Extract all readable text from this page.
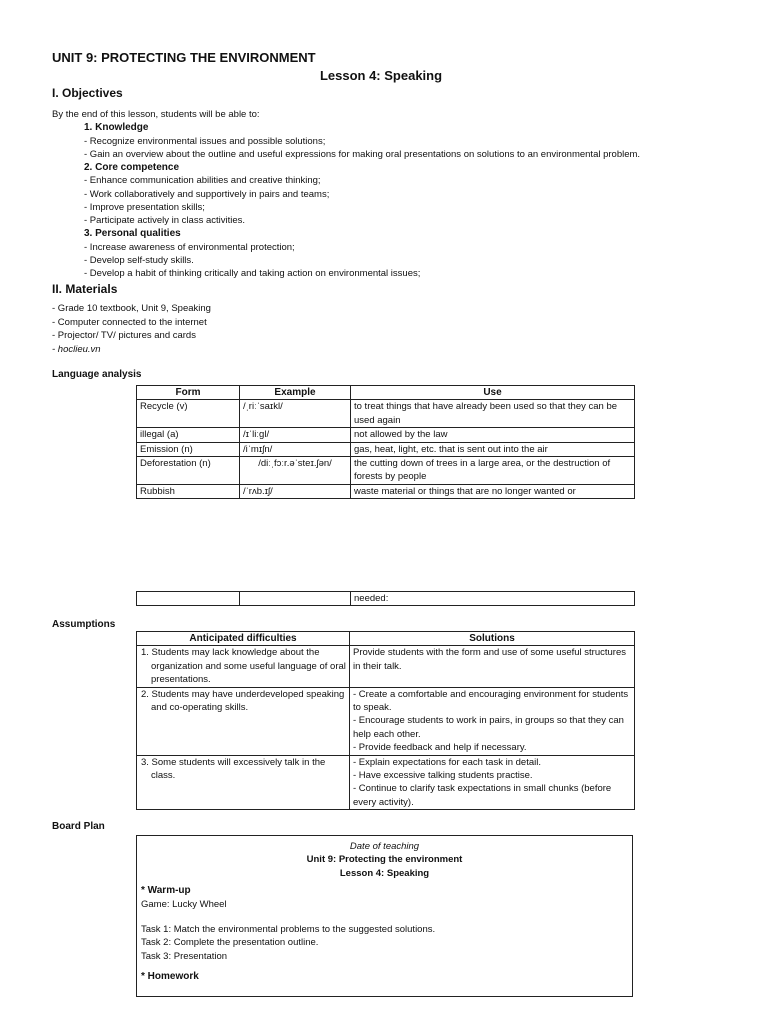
UNIT 9: PROTECTING THE ENVIRONMENT
Lesson 4: Speaking
I. Objectives
By the end of this lesson, students will be able to:
1. Knowledge
- Recognize environmental issues and possible solutions;
- Gain an overview about the outline and useful expressions for making oral presentations on solutions to an environmental problem.
2. Core competence
- Enhance communication abilities and creative thinking;
- Work collaboratively and supportively in pairs and teams;
- Improve presentation skills;
- Participate actively in class activities.
3. Personal qualities
- Increase awareness of environmental protection;
- Develop self-study skills.
- Develop a habit of thinking critically and taking action on environmental issues;
II. Materials
- Grade 10 textbook, Unit 9, Speaking
- Computer connected to the internet
- Projector/ TV/ pictures and cards
- hoclieu.vn
Language analysis
Form	Example	Use
Recycle (v)	/ˌriːˈsaɪkl/	to treat things that have already been used so that they can be used again
illegal (a)	/ɪˈliːɡl/	not allowed by the law
Emission (n)	/iˈmɪʃn/	gas, heat, light, etc. that is sent out into the air
Deforestation (n)	/diːˌfɔːr.əˈsteɪ.ʃən/	the cutting down of trees in a large area, or the destruction of forests by people
Rubbish	/ˈrʌb.ɪʃ/	waste material or things that are no longer wanted or
		needed:
Assumptions
Anticipated difficulties	Solutions
1. Students may lack knowledge about the organization and some useful language of oral presentations.	Provide students with the form and use of some useful structures in their talk.

2. Students may have underdeveloped speaking and co-operating skills.	- Create a comfortable and encouraging environment for students to speak.
- Encourage students to work in pairs, in groups so that they can help each other.
- Provide feedback and help if necessary.

3. Some students will excessively talk in the class.	- Explain expectations for each task in detail.
- Have excessive talking students practise.
- Continue to clarify task expectations in small chunks (before every activity).
Board Plan
Date of teaching
Unit 9: Protecting the environment
Lesson 4: Speaking
* Warm-up
Game: Lucky Wheel
Task 1: Match the environmental problems to the suggested solutions.
Task 2: Complete the presentation outline.
Task 3: Presentation
* Homework
